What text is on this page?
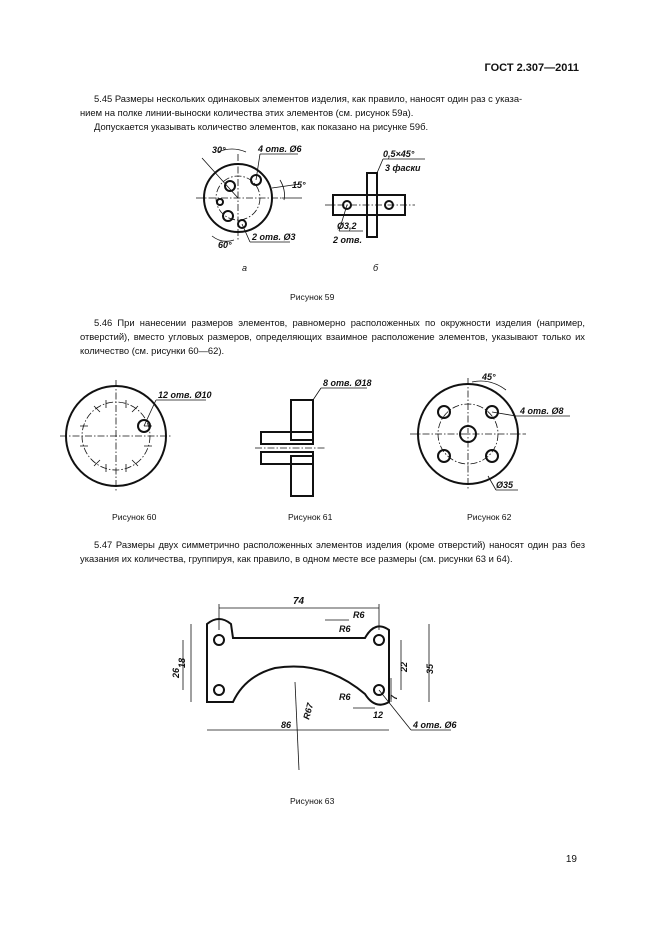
ГОСТ 2.307—2011

5.45 Размеры нескольких одинаковых элементов изделия, как правило, наносят один раз с указа-

нием на полке линии-выноски количества этих элементов (см. рисунок 59а).

Допускается указывать количество элементов, как показано на рисунке 59б.

30°	4 отв. Ø6
15°
60°
2 отв. Ø3
а
0,5×45°
3 фаски
Ø3,2
2 отв.
б
Рисунок 59

5.46 При нанесении размеров элементов, равномерно расположенных по окружности изделия (например, отверстий), вместо угловых размеров, определяющих взаимное расположение элементов, указывают только их количество (см. рисунки 60—62).

12 отв. Ø10
Рисунок 60
8 отв. Ø18
Рисунок 61
45°
4 отв. Ø8
Ø35
Рисунок 62

5.47 Размеры двух симметрично расположенных элементов изделия (кроме отверстий) наносят один раз без указания их количества, группируя, как правило, в одном месте все размеры (см. рисунки 63 и 64).

74
R6
R6
18
26
22 35
7
R6
R67
86
12
4 отв. Ø6
Рисунок 63
19
